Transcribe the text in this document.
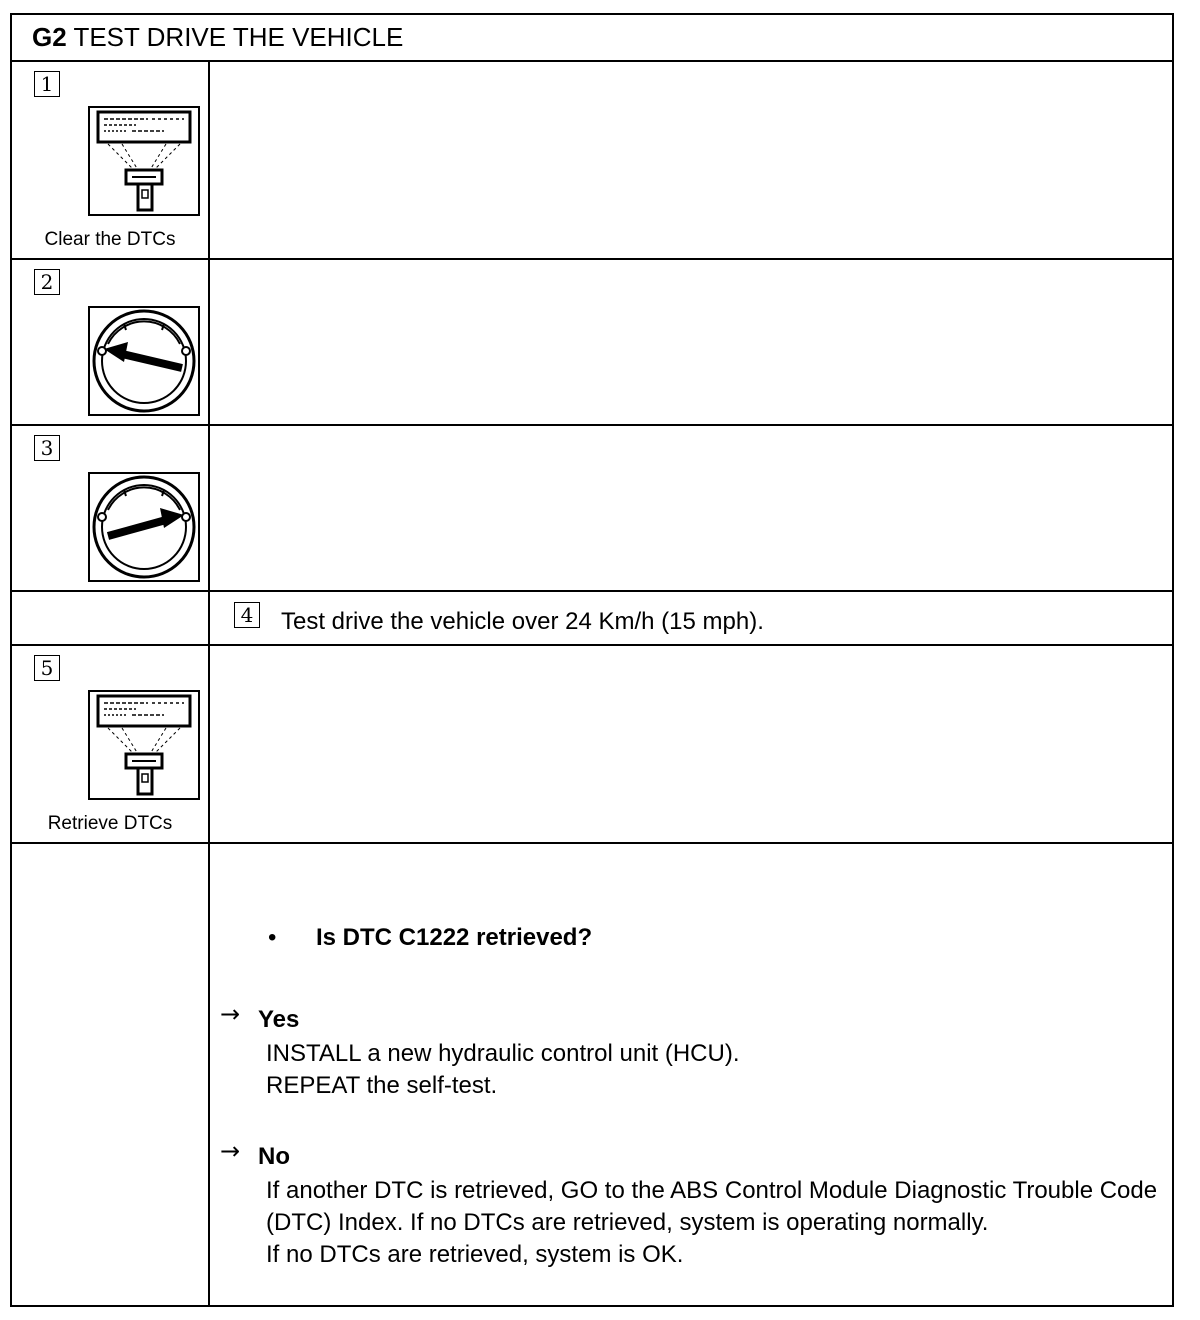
G2 TEST DRIVE THE VEHICLE
1
Clear the DTCs
2
3
4 Test drive the vehicle over 24 Km/h (15 mph).
5
Retrieve DTCs
• Is DTC C1222 retrieved?
→ Yes
INSTALL a new hydraulic control unit (HCU).
REPEAT the self-test.
→ No
If another DTC is retrieved, GO to the ABS Control Module Diagnostic Trouble Code (DTC) Index. If no DTCs are retrieved, system is operating normally.
If no DTCs are retrieved, system is OK.
